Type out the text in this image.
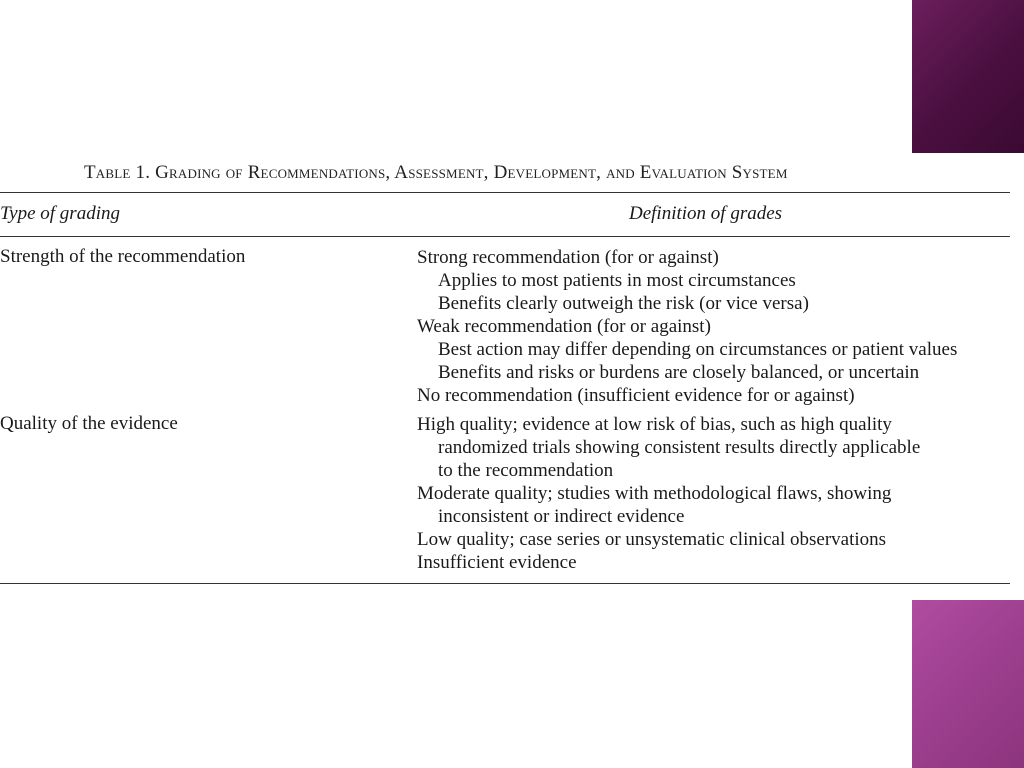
Table 1. Grading of Recommendations, Assessment, Development, and Evaluation System
Type of grading	Definition of grades
Strength of the recommendation	Strong recommendation (for or against)
Applies to most patients in most circumstances
Benefits clearly outweigh the risk (or vice versa)
Weak recommendation (for or against)
Best action may differ depending on circumstances or patient values
Benefits and risks or burdens are closely balanced, or uncertain
No recommendation (insufficient evidence for or against)
Quality of the evidence	High quality; evidence at low risk of bias, such as high quality
randomized trials showing consistent results directly applicable
to the recommendation
Moderate quality; studies with methodological flaws, showing
inconsistent or indirect evidence
Low quality; case series or unsystematic clinical observations
Insufficient evidence
